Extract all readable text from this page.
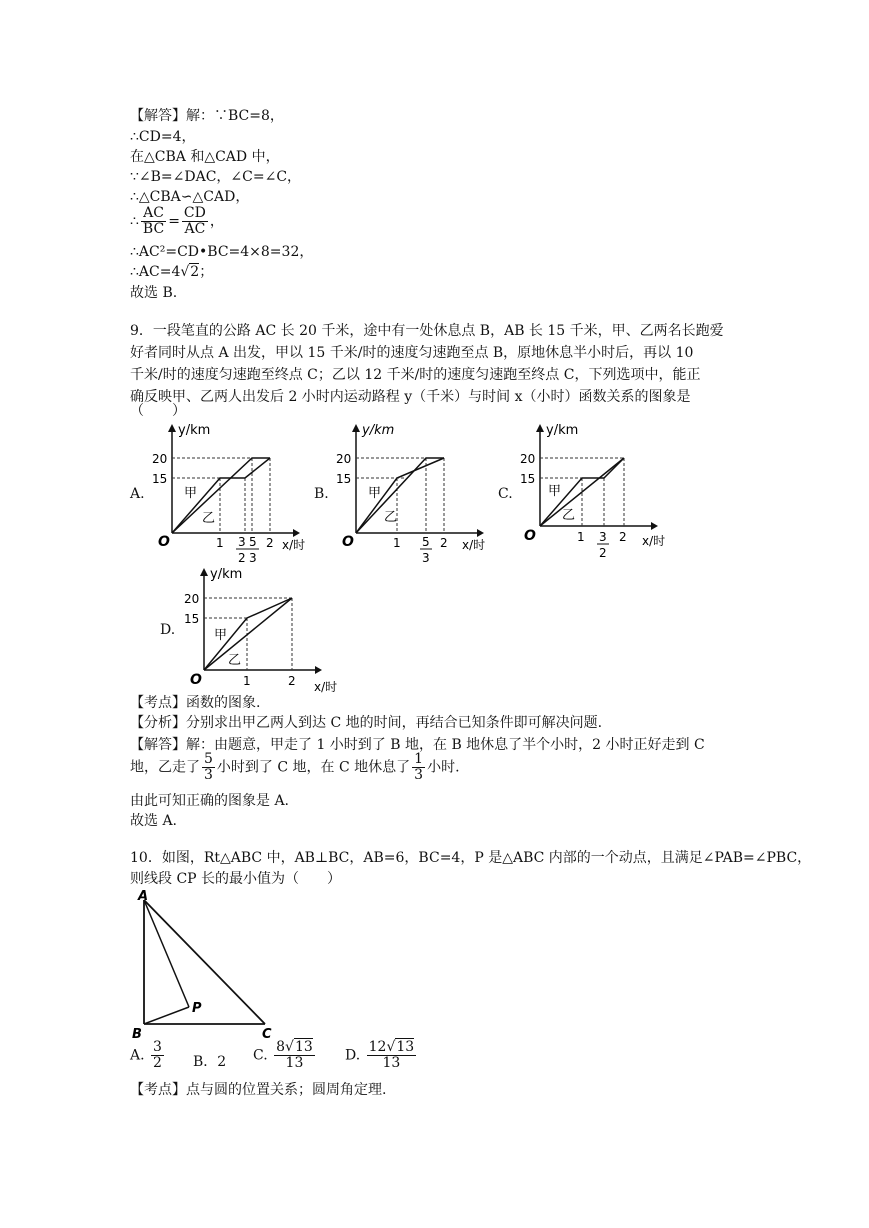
【解答】解：∵BC=8，
∴CD=4，
在△CBA 和△CAD 中，
∵∠B=∠DAC，∠C=∠C，
∴△CBA∽△CAD，
∴ $\frac{AC}{BC} = \frac{CD}{AC}$ ，
∴AC²=CD•BC=4×8=32，
∴AC=4√2；
故选 B.
9．一段笔直的公路 AC 长 20 千米，途中有一处休息点 B，AB 长 15 千米，甲、乙两名长跑爱
好者同时从点 A 出发，甲以 15 千米/时的速度匀速跑至点 B，原地休息半小时后，再以 10
千米/时的速度匀速跑至终点 C；乙以 12 千米/时的速度匀速跑至终点 C，下列选项中，能正
确反映甲、乙两人出发后 2 小时内运动路程 y（千米）与时间 x（小时）函数关系的图象是
（　　）
A.	B.	C.
D.
y/km
x/时
O
20
15
甲
乙
1 3
2
5
3
2
y/km
x/时
O
20
15
甲
乙
1 5
3
2
y/km
x/时
O
20
15
甲
乙
1 3
2
2
y/km
x/时
O
20
15
甲
乙
1	2
【考点】函数的图象.
【分析】分别求出甲乙两人到达 C 地的时间，再结合已知条件即可解决问题.
【解答】解：由题意，甲走了 1 小时到了 B 地，在 B 地休息了半个小时，2 小时正好走到 C
地，乙走了 $\frac{5}{3}$ 小时到了 C 地，在 C 地休息了 $\frac{1}{3}$ 小时.
由此可知正确的图象是 A.
故选 A.
10．如图，Rt△ABC 中，AB⊥BC，AB=6，BC=4，P 是△ABC 内部的一个动点，且满足∠PAB=∠PBC，
则线段 CP 长的最小值为（　　）
A
B	C
P
A. $\frac{3}{2}$ B．2 C. $\frac{8√13}{13} D$. $\frac{12√13}{13}$
【考点】点与圆的位置关系；圆周角定理.
